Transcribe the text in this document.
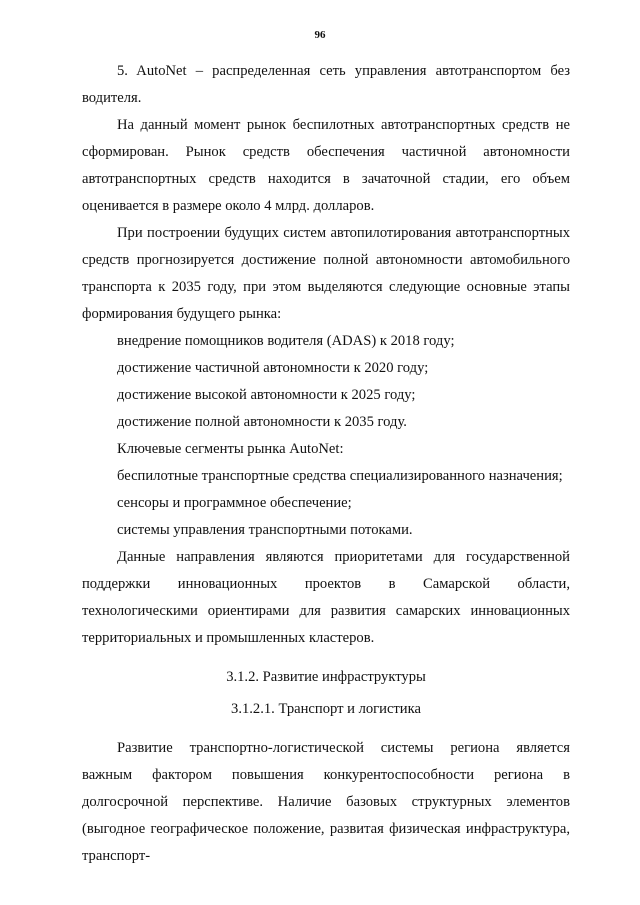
96

5. AutoNet – распределенная сеть управления автотранспортом без водителя.

На данный момент рынок беспилотных автотранспортных средств не сформирован. Рынок средств обеспечения частичной автономности автотранспортных средств находится в зачаточной стадии, его объем оценивается в размере около 4 млрд. долларов.

При построении будущих систем автопилотирования автотранспортных средств прогнозируется достижение полной автономности автомобильного транспорта к 2035 году, при этом выделяются следующие основные этапы формирования будущего рынка:

внедрение помощников водителя (ADAS) к 2018 году;

достижение частичной автономности к 2020 году;

достижение высокой автономности к 2025 году;

достижение полной автономности к 2035 году.

Ключевые сегменты рынка AutoNet:

беспилотные транспортные средства специализированного назначения;

сенсоры и программное обеспечение;

системы управления транспортными потоками.

Данные направления являются приоритетами для государственной поддержки инновационных проектов в Самарской области, технологическими ориентирами для развития самарских инновационных территориальных и промышленных кластеров.

3.1.2. Развитие инфраструктуры

3.1.2.1. Транспорт и логистика

Развитие транспортно-логистической системы региона является важным фактором повышения конкурентоспособности региона в долгосрочной перспективе. Наличие базовых структурных элементов (выгодное географическое положение, развитая физическая инфраструктура, транспорт-
